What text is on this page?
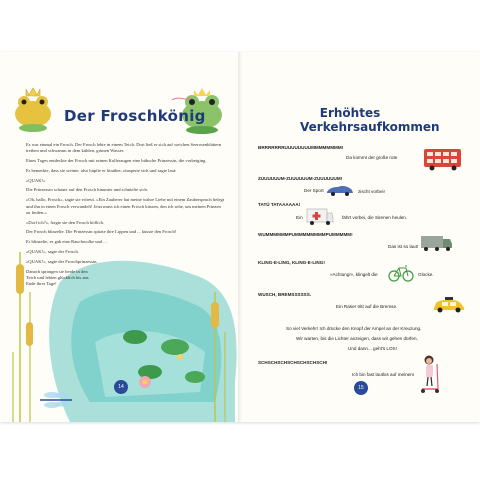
Der Froschkönig

Es war einmal ein Frosch. Der Frosch lebte in einem Teich. Dort ließ er sich auf weichen Seerosenblättern treiben und schwamm in dem kühlen, grünen Wasser.

Eines Tages entdeckte der Frosch mit seinen Kulleraugen eine hübsche Prinzessin, die vorbeiging.

Er bemerkte, dass sie weinte, also hüpfte er hinüber, räusperte sich und sagte laut:

»QUAK!«

Die Prinzessin schaute auf den Frosch hinunter und schniefte sich.

»Oh, hallo, Frosch«, sagte sie erfreut. »Ein Zauberer hat meine wahre Liebe mit einem Zauberspruch belegt und ihn in einen Frosch verwandelt! Jetzt muss ich einen Frosch küssen, den ich sehe, um meinen Prinzen zu finden.«

»Dorf ich?«, fragte sie den Frosch höflich.

Der Frosch blinzelte. Die Prinzessin spitzte ihre Lippen und ... küsste den Frosch!

Er blinzelte, es gab eine Rauchwolke und ...

»QUAK!«, sagte der Frosch.

»QUAK!«, sagte der Froschprinzessin.

Danach sprangen sie beide in den Teich und lebten glücklich bis ans Ende ihrer Tage!

14
Erhöhtes
Verkehrsaufkommen
BRRRRRRRUUUUUUUUMMMMMMMM!
Da kommt der große rote
ZUUUUUUM-ZUUUUUUM-ZUUUUUUM!
Der Sport	zischt vorbei!
TATÜ TATAAAAAA!
Ein	fährt vorbei, die Sirenen heulen.
WUMMMMMMPUMMMMMMMMPUMMMMM!
Das ist so laut!
KLING-E-LING, KLING-E-LING!
»Achtung!«, klingelt die	Glocke.
WUSCH, BREMSSSSSS.
Ein Raser tritt auf die Bremse.
So viel Verkehr! Ich drücke den Knopf der Ampel an der Kreuzung.
Wir warten, bis die Lichter anzeigen, dass wir gehen dürfen.
Und dann... geht's LOS!
SCHSCHSCHSCHSCHSCHSCH!
Ich bin fast lautlos auf meinem
15
